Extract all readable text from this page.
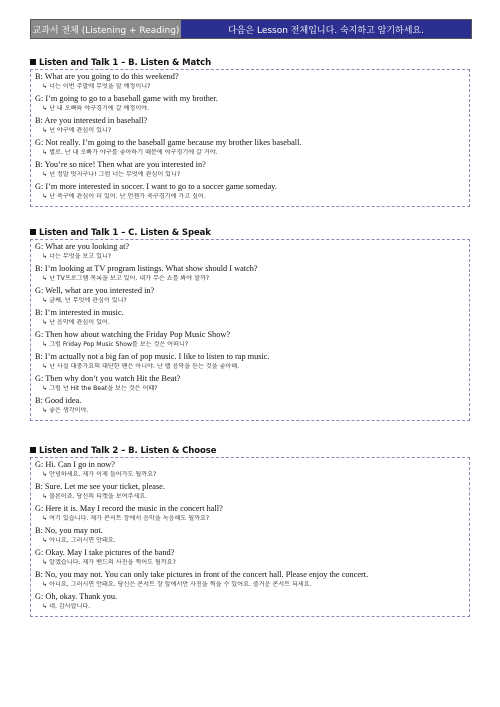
교과서 전체 (Listening + Reading)	다음은 Lesson 전체입니다. 숙지하고 암기하세요.
Listen and Talk 1 – B. Listen & Match
B: What are you going to do this weekend?
↳ 너는 이번 주말에 무엇을 할 예정이니?
G: I’m going to go to a baseball game with my brother.
↳ 난 내 오빠와 야구경기에 갈 예정이야.
B: Are you interested in baseball?
↳ 넌 야구에 관심이 있니?
G: Not really. I’m going to the baseball game because my brother likes baseball.
↳ 별로. 난 내 오빠가 야구를 좋아하기 때문에 야구경기에 갈 거야.
B: You’re so nice! Then what are you interested in?
↳ 넌 정말 멋지구나! 그럼 너는 무엇에 관심이 있니?
G: I’m more interested in soccer. I want to go to a soccer game someday.
↳ 난 축구에 관심이 더 있어. 난 언젠가 축구경기에 가고 싶어.
Listen and Talk 1 – C. Listen & Speak
G: What are you looking at?
↳ 너는 무엇을 보고 있니?
B: I’m looking at TV program listings. What show should I watch?
↳ 난 TV프로그램 목록을 보고 있어. 내가 무슨 쇼를 봐야 할까?
G: Well, what are you interested in?
↳ 글쎄, 넌 무엇에 관심이 있니?
B: I’m interested in music.
↳ 난 음악에 관심이 있어.
G: Then how about watching the Friday Pop Music Show?
↳ 그럼 Friday Pop Music Show를 보는 것은 어떠니?
B: I’m actually not a big fan of pop music. I like to listen to rap music.
↳ 난 사실 대중가요의 대단한 팬은 아니야. 난 랩 음악을 듣는 것을 좋아해.
G: Then why don’t you watch Hit the Beat?
↳ 그럼 넌 Hit the Beat을 보는 것은 어때?
B: Good idea.
↳ 좋은 생각이야.
Listen and Talk 2 – B. Listen & Choose
G: Hi. Can I go in now?
↳ 안녕하세요. 제가 이제 들어가도 될까요?
B: Sure. Let me see your ticket, please.
↳ 물론이죠. 당신의 티켓을 보여주세요.
G: Here it is. May I record the music in the concert hall?
↳ 여기 있습니다. 제가 콘서트 장에서 음악을 녹음해도 될까요?
B: No, you may not.
↳ 아니요, 그러시면 안돼요.
G: Okay. May I take pictures of the band?
↳ 알겠습니다. 제가 밴드의 사진을 찍어도 될까요?
B: No, you may not. You can only take pictures in front of the concert hall. Please enjoy the concert.
↳ 아니요, 그러시면 안돼요. 당신은 콘서트 장 앞에서만 사진을 찍을 수 있어요. 즐거운 콘서트 되세요.
G: Oh, okay. Thank you.
↳ 네. 감사합니다.
